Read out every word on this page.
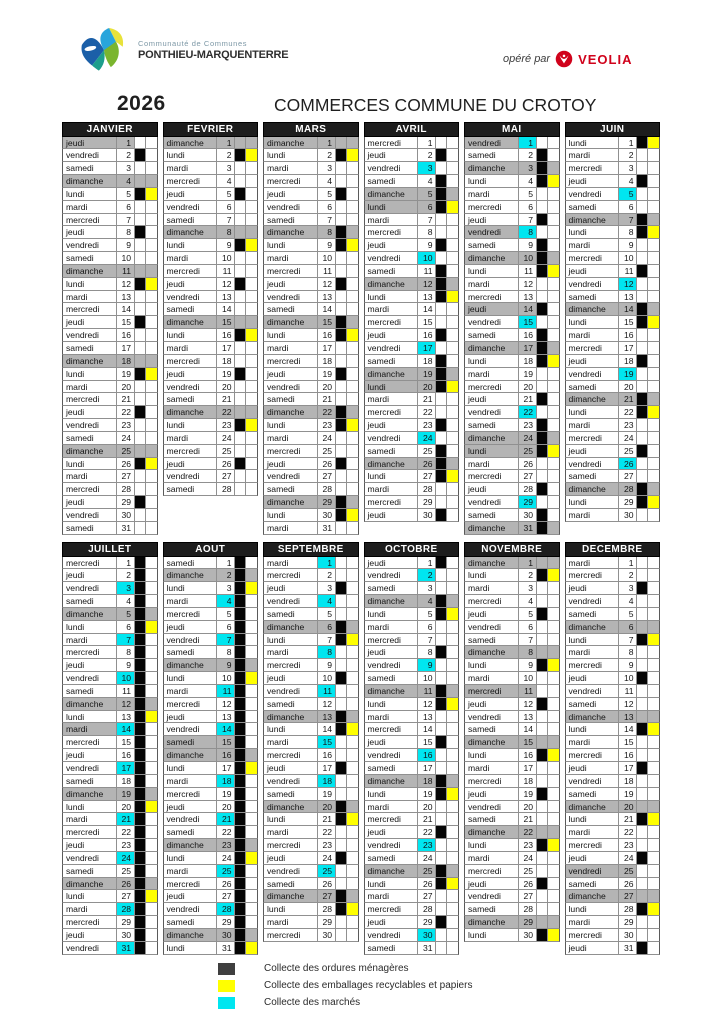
Communauté de Communes
PONTHIEU-MARQUENTERRE	opéré par VEOLIA
2026	COMMERCES COMMUNE DU CROTOY
JANVIER
jeudi	1
vendredi	2
samedi	3
dimanche	4
lundi	5
mardi	6
mercredi	7
jeudi	8
vendredi	9
samedi	10
dimanche	11
lundi	12
mardi	13
mercredi	14
jeudi	15
vendredi	16
samedi	17
dimanche	18
lundi	19
mardi	20
mercredi	21
jeudi	22
vendredi	23
samedi	24
dimanche	25
lundi	26
mardi	27
mercredi	28
jeudi	29
vendredi	30
samedi	31
FEVRIER
dimanche	1
lundi	2
mardi	3
mercredi	4
jeudi	5
vendredi	6
samedi	7
dimanche	8
lundi	9
mardi	10
mercredi	11
jeudi	12
vendredi	13
samedi	14
dimanche	15
lundi	16
mardi	17
mercredi	18
jeudi	19
vendredi	20
samedi	21
dimanche	22
lundi	23
mardi	24
mercredi	25
jeudi	26
vendredi	27
samedi	28
MARS
dimanche	1
lundi	2
mardi	3
mercredi	4
jeudi	5
vendredi	6
samedi	7
dimanche	8
lundi	9
mardi	10
mercredi	11
jeudi	12
vendredi	13
samedi	14
dimanche	15
lundi	16
mardi	17
mercredi	18
jeudi	19
vendredi	20
samedi	21
dimanche	22
lundi	23
mardi	24
mercredi	25
jeudi	26
vendredi	27
samedi	28
dimanche	29
lundi	30
mardi	31
AVRIL
mercredi	1
jeudi	2
vendredi	3
samedi	4
dimanche	5
lundi	6
mardi	7
mercredi	8
jeudi	9
vendredi	10
samedi	11
dimanche	12
lundi	13
mardi	14
mercredi	15
jeudi	16
vendredi	17
samedi	18
dimanche	19
lundi	20
mardi	21
mercredi	22
jeudi	23
vendredi	24
samedi	25
dimanche	26
lundi	27
mardi	28
mercredi	29
jeudi	30
MAI
vendredi	1
samedi	2
dimanche	3
lundi	4
mardi	5
mercredi	6
jeudi	7
vendredi	8
samedi	9
dimanche	10
lundi	11
mardi	12
mercredi	13
jeudi	14
vendredi	15
samedi	16
dimanche	17
lundi	18
mardi	19
mercredi	20
jeudi	21
vendredi	22
samedi	23
dimanche	24
lundi	25
mardi	26
mercredi	27
jeudi	28
vendredi	29
samedi	30
dimanche	31
JUIN
lundi	1
mardi	2
mercredi	3
jeudi	4
vendredi	5
samedi	6
dimanche	7
lundi	8
mardi	9
mercredi	10
jeudi	11
vendredi	12
samedi	13
dimanche	14
lundi	15
mardi	16
mercredi	17
jeudi	18
vendredi	19
samedi	20
dimanche	21
lundi	22
mardi	23
mercredi	24
jeudi	25
vendredi	26
samedi	27
dimanche	28
lundi	29
mardi	30
JUILLET
mercredi	1
jeudi	2
vendredi	3
samedi	4
dimanche	5
lundi	6
mardi	7
mercredi	8
jeudi	9
vendredi	10
samedi	11
dimanche	12
lundi	13
mardi	14
mercredi	15
jeudi	16
vendredi	17
samedi	18
dimanche	19
lundi	20
mardi	21
mercredi	22
jeudi	23
vendredi	24
samedi	25
dimanche	26
lundi	27
mardi	28
mercredi	29
jeudi	30
vendredi	31
AOUT
samedi	1
dimanche	2
lundi	3
mardi	4
mercredi	5
jeudi	6
vendredi	7
samedi	8
dimanche	9
lundi	10
mardi	11
mercredi	12
jeudi	13
vendredi	14
samedi	15
dimanche	16
lundi	17
mardi	18
mercredi	19
jeudi	20
vendredi	21
samedi	22
dimanche	23
lundi	24
mardi	25
mercredi	26
jeudi	27
vendredi	28
samedi	29
dimanche	30
lundi	31
SEPTEMBRE
mardi	1
mercredi	2
jeudi	3
vendredi	4
samedi	5
dimanche	6
lundi	7
mardi	8
mercredi	9
jeudi	10
vendredi	11
samedi	12
dimanche	13
lundi	14
mardi	15
mercredi	16
jeudi	17
vendredi	18
samedi	19
dimanche	20
lundi	21
mardi	22
mercredi	23
jeudi	24
vendredi	25
samedi	26
dimanche	27
lundi	28
mardi	29
mercredi	30
OCTOBRE
jeudi	1
vendredi	2
samedi	3
dimanche	4
lundi	5
mardi	6
mercredi	7
jeudi	8
vendredi	9
samedi	10
dimanche	11
lundi	12
mardi	13
mercredi	14
jeudi	15
vendredi	16
samedi	17
dimanche	18
lundi	19
mardi	20
mercredi	21
jeudi	22
vendredi	23
samedi	24
dimanche	25
lundi	26
mardi	27
mercredi	28
jeudi	29
vendredi	30
samedi	31
NOVEMBRE
dimanche	1
lundi	2
mardi	3
mercredi	4
jeudi	5
vendredi	6
samedi	7
dimanche	8
lundi	9
mardi	10
mercredi	11
jeudi	12
vendredi	13
samedi	14
dimanche	15
lundi	16
mardi	17
mercredi	18
jeudi	19
vendredi	20
samedi	21
dimanche	22
lundi	23
mardi	24
mercredi	25
jeudi	26
vendredi	27
samedi	28
dimanche	29
lundi	30
DECEMBRE
mardi	1
mercredi	2
jeudi	3
vendredi	4
samedi	5
dimanche	6
lundi	7
mardi	8
mercredi	9
jeudi	10
vendredi	11
samedi	12
dimanche	13
lundi	14
mardi	15
mercredi	16
jeudi	17
vendredi	18
samedi	19
dimanche	20
lundi	21
mardi	22
mercredi	23
jeudi	24
vendredi	25
samedi	26
dimanche	27
lundi	28
mardi	29
mercredi	30
jeudi	31
Collecte des ordures ménagères
Collecte des emballages recyclables et papiers
Collecte des marchés
